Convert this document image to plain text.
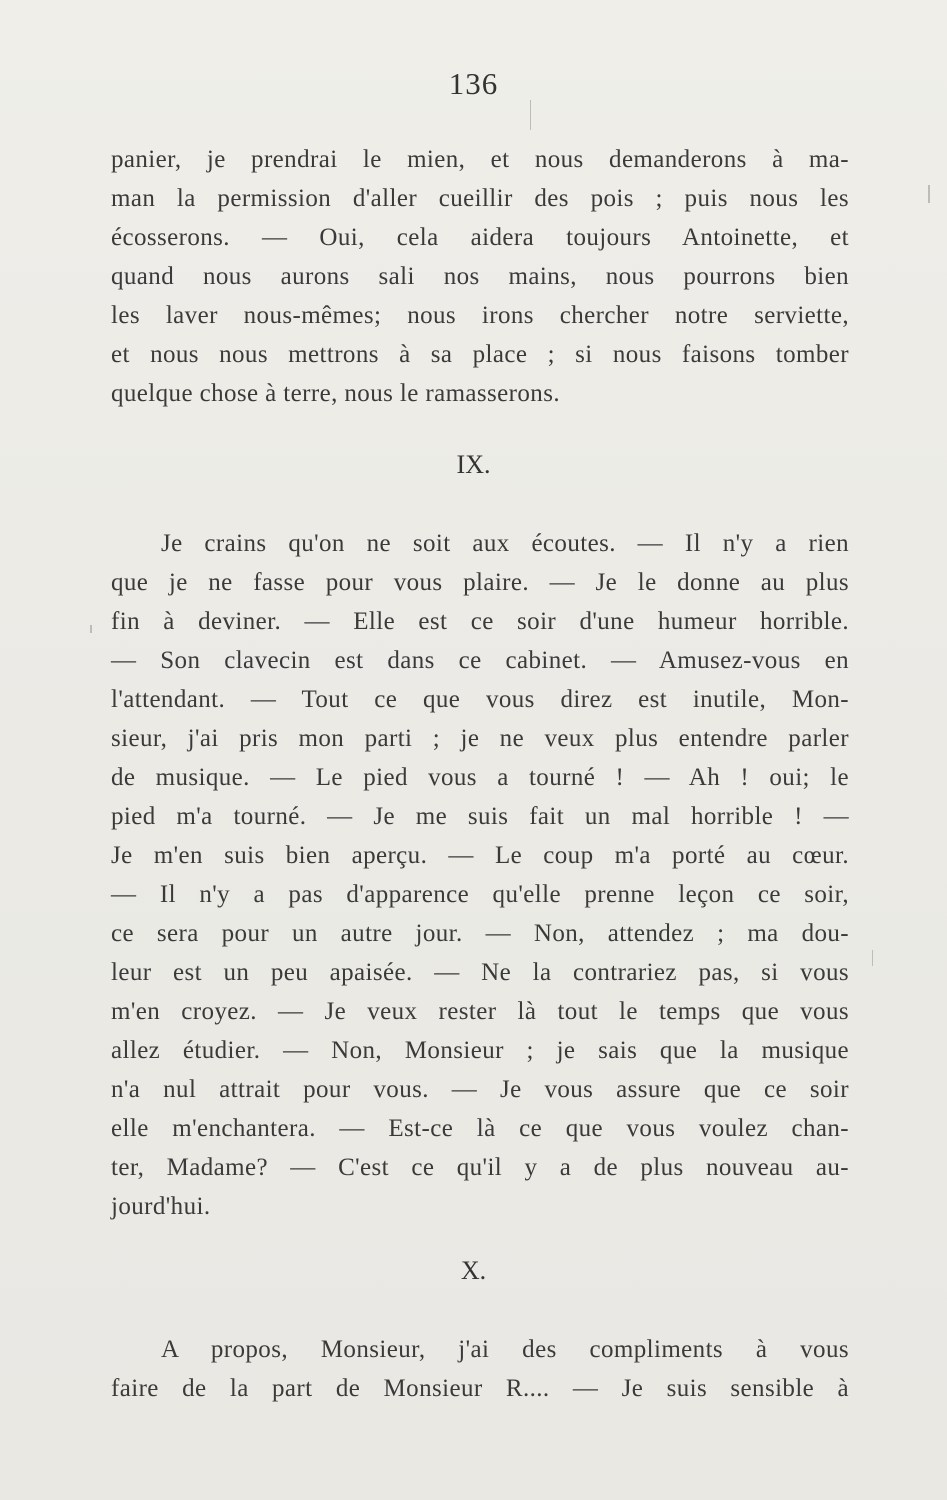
136
panier, je prendrai le mien, et nous demanderons à ma-
man la permission d'aller cueillir des pois ; puis nous les
écosserons. — Oui, cela aidera toujours Antoinette, et
quand nous aurons sali nos mains, nous pourrons bien
les laver nous-mêmes; nous irons chercher notre serviette,
et nous nous mettrons à sa place ; si nous faisons tomber
quelque chose à terre, nous le ramasserons.
IX.
Je crains qu'on ne soit aux écoutes. — Il n'y a rien
que je ne fasse pour vous plaire. — Je le donne au plus
fin à deviner. — Elle est ce soir d'une humeur horrible.
— Son clavecin est dans ce cabinet. — Amusez-vous en
l'attendant. — Tout ce que vous direz est inutile, Mon-
sieur, j'ai pris mon parti ; je ne veux plus entendre parler
de musique. — Le pied vous a tourné ! — Ah ! oui; le
pied m'a tourné. — Je me suis fait un mal horrible ! —
Je m'en suis bien aperçu. — Le coup m'a porté au cœur.
— Il n'y a pas d'apparence qu'elle prenne leçon ce soir,
ce sera pour un autre jour. — Non, attendez ; ma dou-
leur est un peu apaisée. — Ne la contrariez pas, si vous
m'en croyez. — Je veux rester là tout le temps que vous
allez étudier. — Non, Monsieur ; je sais que la musique
n'a nul attrait pour vous. — Je vous assure que ce soir
elle m'enchantera. — Est-ce là ce que vous voulez chan-
ter, Madame? — C'est ce qu'il y a de plus nouveau au-
jourd'hui.
X.
A propos, Monsieur, j'ai des compliments à vous
faire de la part de Monsieur R.... — Je suis sensible à
